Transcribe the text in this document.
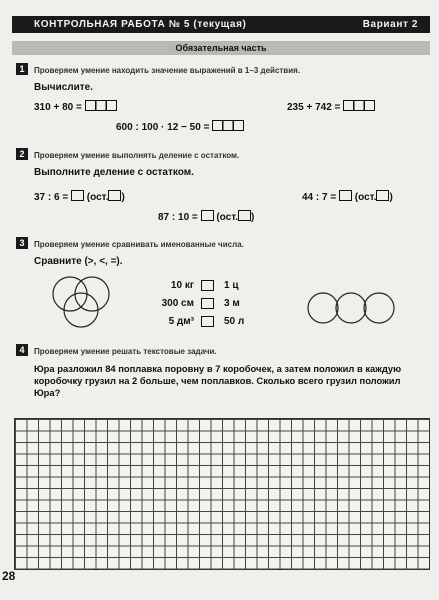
КОНТРОЛЬНАЯ РАБОТА № 5 (текущая)	Вариант 2
Обязательная часть
1	Проверяем умение находить значение выражений в 1–3 действия.
Вычислите.
310 + 80 =	235 + 742 =
600 : 100 · 12 − 50 =
2	Проверяем умение выполнять деление с остатком.
Выполните деление с остатком.
37 : 6 = (ост. )	44 : 7 = (ост. )
87 : 10 = (ост. )
3	Проверяем умение сравнивать именованные числа.
Сравните (>, <, =).
10 кг	1 ц
300 см	3 м
5 дм³	50 л
4	Проверяем умение решать текстовые задачи.
Юра разложил 84 поплавка поровну в 7 коробочек, а затем положил в каждую коробочку грузил на 2 больше, чем поплавков. Сколько всего грузил положил Юра?
28
